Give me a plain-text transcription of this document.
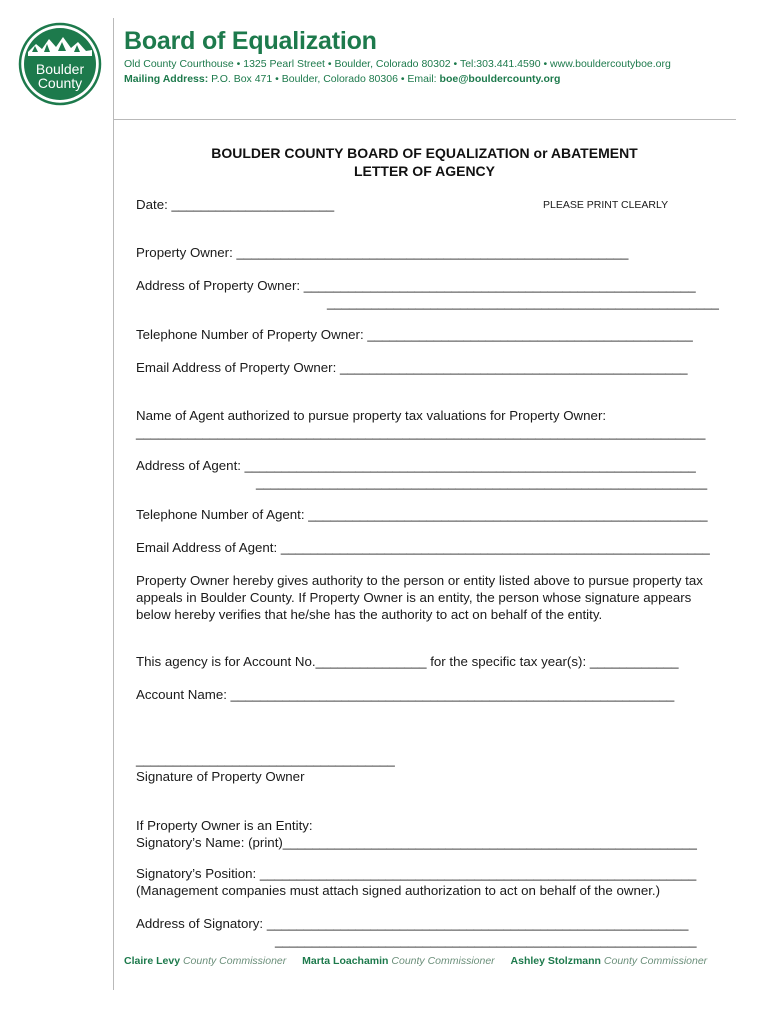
Boulder
County
Board of Equalization
Old County Courthouse • 1325 Pearl Street • Boulder, Colorado 80302 • Tel:303.441.4590 • www.bouldercoutyboe.org
Mailing Address: P.O. Box 471 • Boulder, Colorado 80306 • Email: boe@bouldercounty.org
BOULDER COUNTY BOARD OF EQUALIZATION or ABATEMENT
LETTER OF AGENCY
Date: ______________________	PLEASE PRINT CLEARLY
Property Owner: _____________________________________________________
Address of Property Owner: _____________________________________________________
_____________________________________________________
Telephone Number of Property Owner: ____________________________________________
Email Address of Property Owner: _______________________________________________
Name of Agent authorized to pursue property tax valuations for Property Owner:
_____________________________________________________________________________
Address of Agent: _____________________________________________________________
_____________________________________________________________
Telephone Number of Agent: ______________________________________________________
Email Address of Agent: __________________________________________________________
Property Owner hereby gives authority to the person or entity listed above to pursue property tax appeals in Boulder County. If Property Owner is an entity, the person whose signature appears below hereby verifies that he/she has the authority to act on behalf of the entity.
This agency is for Account No._______________ for the specific tax year(s): ____________
Account Name: ____________________________________________________________
___________________________________
Signature of Property Owner
If Property Owner is an Entity:
Signatory’s Name: (print)________________________________________________________
Signatory’s Position: ___________________________________________________________
(Management companies must attach signed authorization to act on behalf of the owner.)
Address of Signatory: _________________________________________________________
_________________________________________________________
Claire Levy County Commissioner Marta Loachamin County Commissioner Ashley Stolzmann County Commissioner
